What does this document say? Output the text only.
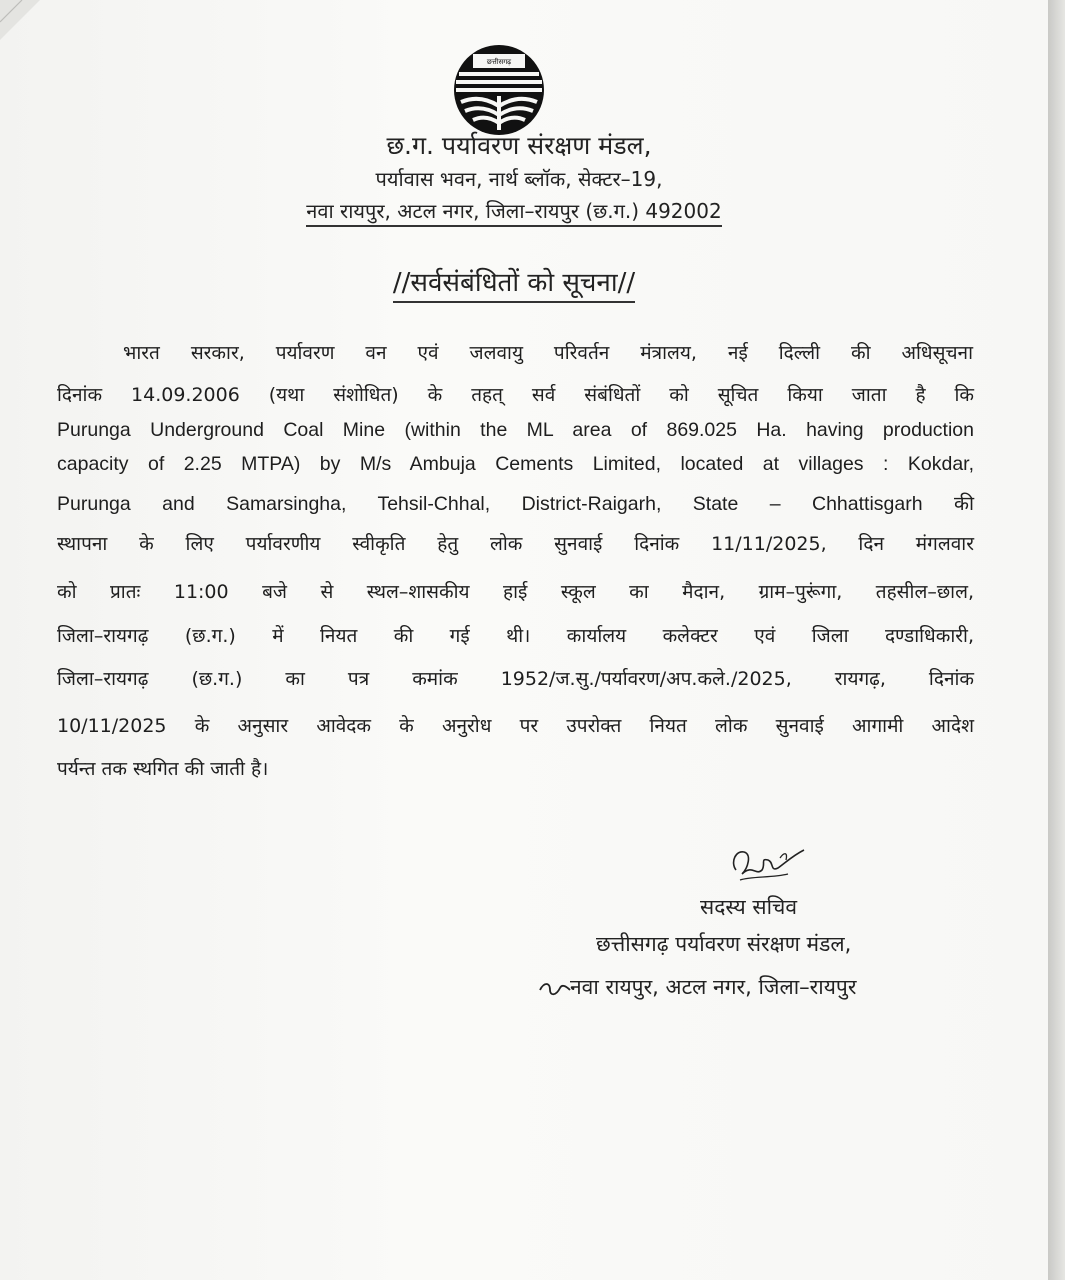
छत्तीसगढ़
छ.ग. पर्यावरण संरक्षण मंडल,
पर्यावास भवन, नार्थ ब्लॉक, सेक्टर–19,
नवा रायपुर, अटल नगर, जिला–रायपुर (छ.ग.) 492002
//सर्वसंबंधितों को सूचना//
भारत सरकार, पर्यावरण वन एवं जलवायु परिवर्तन मंत्रालय, नई दिल्ली की अधिसूचना
दिनांक 14.09.2006 (यथा संशोधित) के तहत् सर्व संबंधितों को सूचित किया जाता है कि
Purunga Underground Coal Mine (within the ML area of 869.025 Ha. having production
capacity of 2.25 MTPA) by M/s Ambuja Cements Limited, located at villages : Kokdar,
Purunga and Samarsingha, Tehsil-Chhal, District-Raigarh, State – Chhattisgarh की
स्थापना के लिए पर्यावरणीय स्वीकृति हेतु लोक सुनवाई दिनांक 11/11/2025, दिन मंगलवार
को प्रातः 11:00 बजे से स्थल–शासकीय हाई स्कूल का मैदान, ग्राम–पुरूंगा, तहसील–छाल,
जिला–रायगढ़ (छ.ग.) में नियत की गई थी। कार्यालय कलेक्टर एवं जिला दण्डाधिकारी,
जिला–रायगढ़ (छ.ग.) का पत्र कमांक 1952/ज.सु./पर्यावरण/अप.कले./2025, रायगढ़, दिनांक
10/11/2025 के अनुसार आवेदक के अनुरोध पर उपरोक्त नियत लोक सुनवाई आगामी आदेश
पर्यन्त तक स्थगित की जाती है।
सदस्य सचिव
छत्तीसगढ़ पर्यावरण संरक्षण मंडल,
नवा रायपुर, अटल नगर, जिला–रायपुर
